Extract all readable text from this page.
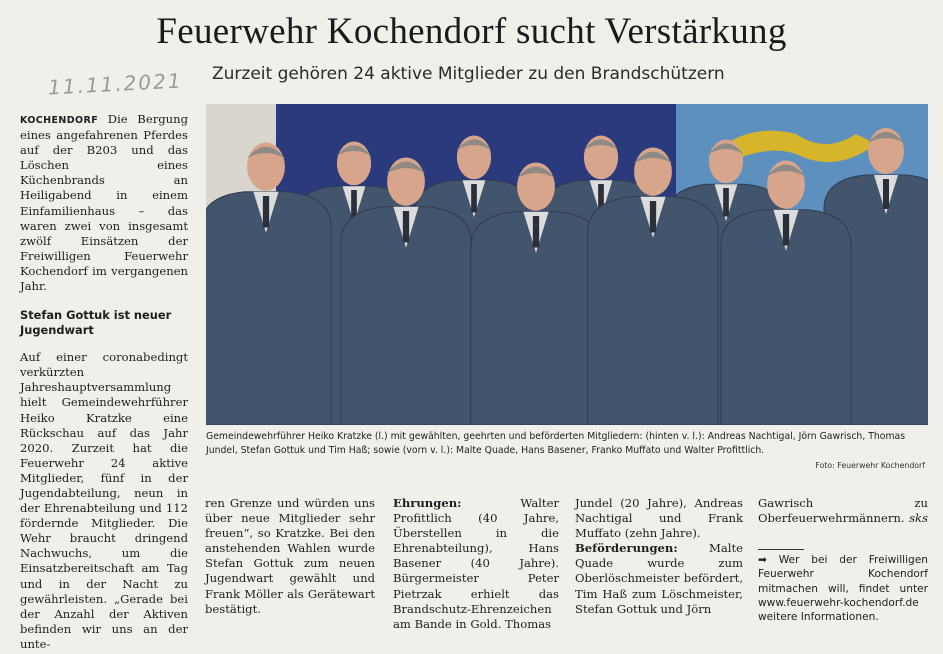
Feuerwehr Kochendorf sucht Verstärkung
Zurzeit gehören 24 aktive Mitglieder zu den Brandschützern
11.11.2021

KOCHENDORF Die Bergung eines angefahrenen Pferdes auf der B203 und das Löschen eines Küchenbrands an Heiligabend in einem Einfamilienhaus – das waren zwei von insgesamt zwölf Einsätzen der Freiwilligen Feuerwehr Kochendorf im vergangenen Jahr.

Stefan Gottuk ist neuer Jugendwart

Auf einer coronabedingt verkürzten Jahreshauptversammlung hielt Gemeindewehrführer Heiko Kratzke eine Rückschau auf das Jahr 2020. Zurzeit hat die Feuerwehr 24 aktive Mitglieder, fünf in der Jugendabteilung, neun in der Ehrenabteilung und 112 fördernde Mitglieder. Die Wehr braucht dringend Nachwuchs, um die Einsatzbereitschaft am Tag und in der Nacht zu gewährleisten. „Gerade bei der Anzahl der Aktiven befinden wir uns an der unte-

Gemeindewehrführer Heiko Kratzke (l.) mit gewählten, geehrten und beförderten Mitgliedern: (hinten v. l.): Andreas Nachtigal, Jörn Gawrisch, Thomas Jundel, Stefan Gottuk und Tim Haß; sowie (vorn v. l.): Malte Quade, Hans Basener, Franko Muffato und Walter Profittlich.
Foto: Feuerwehr Kochendorf

ren Grenze und würden uns über neue Mitglieder sehr freuen“, so Kratzke. Bei den anstehenden Wahlen wurde Stefan Gottuk zum neuen Jugendwart gewählt und Frank Möller als Gerätewart bestätigt.

Ehrungen:	Walter Profittlich (40 Jahre, Überstellen in die Ehrenabteilung), Hans Basener (40 Jahre). Bürgermeister Peter Pietrzak erhielt das Brandschutz-Ehrenzeichen am Bande in Gold. Thomas

Jundel (20 Jahre), Andreas Nachtigal und Frank Muffato (zehn Jahre).

Beförderungen:	Malte Quade wurde zum Oberlöschmeister befördert, Tim Haß zum Löschmeister, Stefan Gottuk und Jörn

Gawrisch zu Oberfeuerwehrmännern. sks

➡ Wer bei der Freiwilligen Feuerwehr Kochendorf mitmachen will, findet unter www.feuerwehr-kochendorf.de weitere Informationen.
